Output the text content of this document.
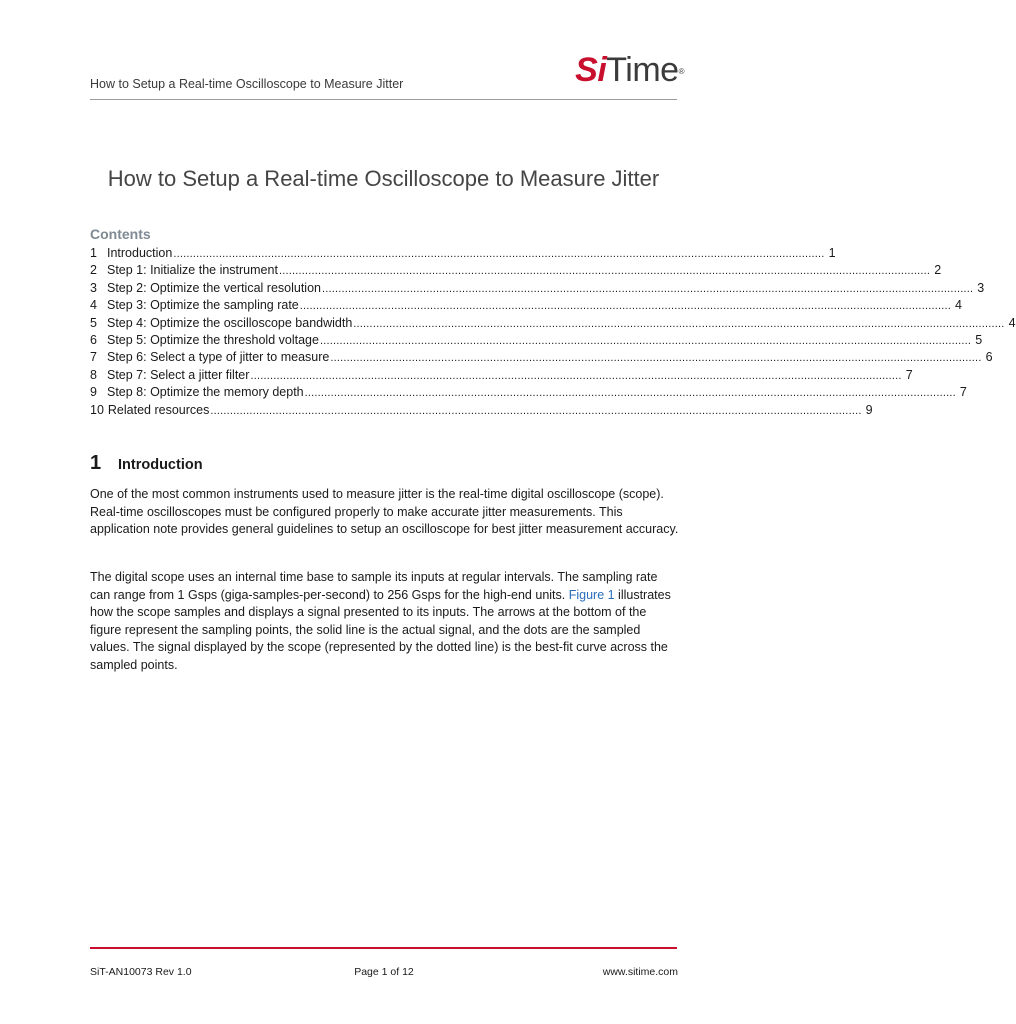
How to Setup a Real-time Oscilloscope to Measure Jitter	SiTime®
How to Setup a Real-time Oscilloscope to Measure Jitter
Contents
1 Introduction ........................................................................................................................................................................................................ 1
2 Step 1: Initialize the instrument ........................................................................................................................................................................................................ 2
3 Step 2: Optimize the vertical resolution ........................................................................................................................................................................................................ 3
4 Step 3: Optimize the sampling rate ........................................................................................................................................................................................................ 4
5 Step 4: Optimize the oscilloscope bandwidth ........................................................................................................................................................................................................ 4
6 Step 5: Optimize the threshold voltage ........................................................................................................................................................................................................ 5
7 Step 6: Select a type of jitter to measure ........................................................................................................................................................................................................ 6
8 Step 7: Select a jitter filter ........................................................................................................................................................................................................ 7
9 Step 8: Optimize the memory depth ........................................................................................................................................................................................................ 7
10 Related resources ........................................................................................................................................................................................................ 9
1	Introduction

One of the most common instruments used to measure jitter is the real-time digital oscilloscope (scope). Real-time oscilloscopes must be configured properly to make accurate jitter measurements. This application note provides general guidelines to setup an oscilloscope for best jitter measurement accuracy.

The digital scope uses an internal time base to sample its inputs at regular intervals. The sampling rate can range from 1 Gsps (giga-samples-per-second) to 256 Gsps for the high-end units. Figure 1 illustrates how the scope samples and displays a signal presented to its inputs. The arrows at the bottom of the figure represent the sampling points, the solid line is the actual signal, and the dots are the sampled values. The signal displayed by the scope (represented by the dotted line) is the best-fit curve across the sampled points.

SiT-AN10073 Rev 1.0	Page 1 of 12	www.sitime.com
